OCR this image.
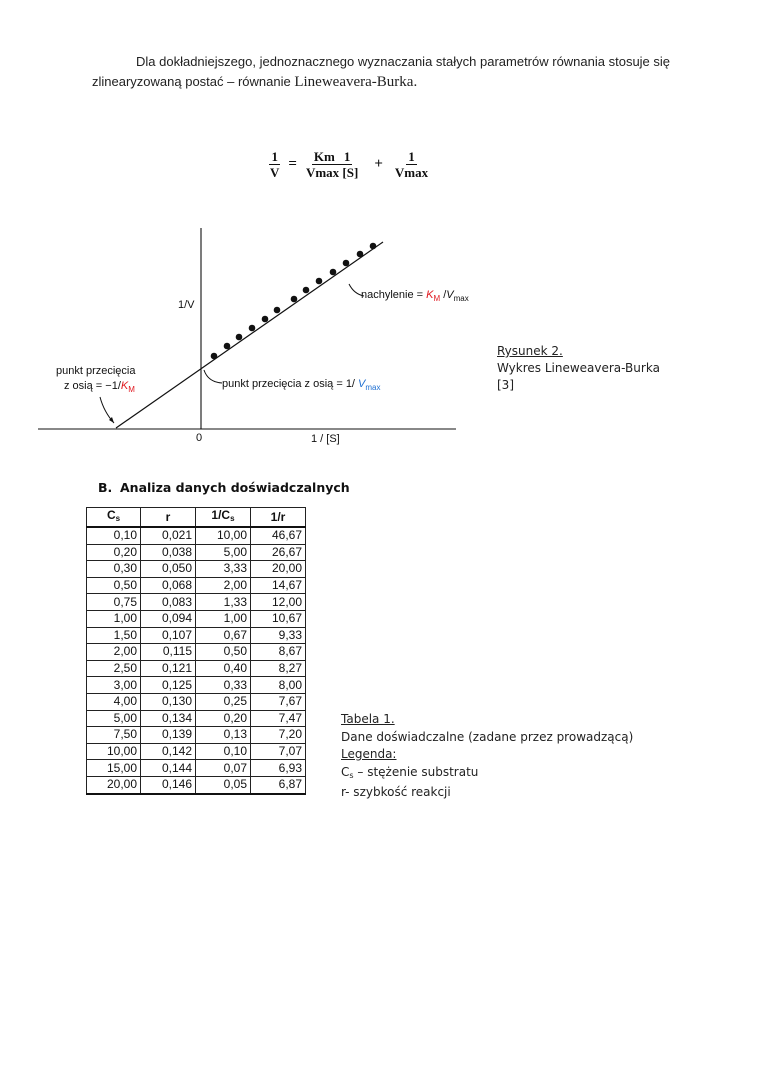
Dla dokładniejszego, jednoznacznego wyznaczania stałych parametrów równania stosuje się

zlinearyzowaną postać – równanie Lineweavera-Burka.

$\frac{1}{V} = \frac{Km 1}{Vmax [S]} + \frac{1}{Vmax}$
1/V
0	1 / [S]
nachylenie = $K_M$ $/V_{max}$
punkt przecięcia
z osią = $-1/K_M$	punkt przecięcia z osią = 1/ $V_{max}$
Rysunek 2.
Wykres Lineweavera-Burka
[3]
B. Analiza danych doświadczalnych
$C_s$	r	$1/C_s$	1/r
0,10	0,021	10,00	46,67
0,20	0,038	5,00	26,67
0,30	0,050	3,33	20,00
0,50	0,068	2,00	14,67
0,75	0,083	1,33	12,00
1,00	0,094	1,00	10,67
1,50	0,107	0,67	9,33
2,00	0,115	0,50	8,67
2,50	0,121	0,40	8,27
3,00	0,125	0,33	8,00
4,00	0,130	0,25	7,67
5,00	0,134	0,20	7,47
7,50	0,139	0,13	7,20
10,00	0,142	0,10	7,07
15,00	0,144	0,07	6,93
20,00	0,146	0,05	6,87
Tabela 1.
Dane doświadczalne (zadane przez prowadzącą)
Legenda:
$C_s$ – stężenie substratu
r- szybkość reakcji
